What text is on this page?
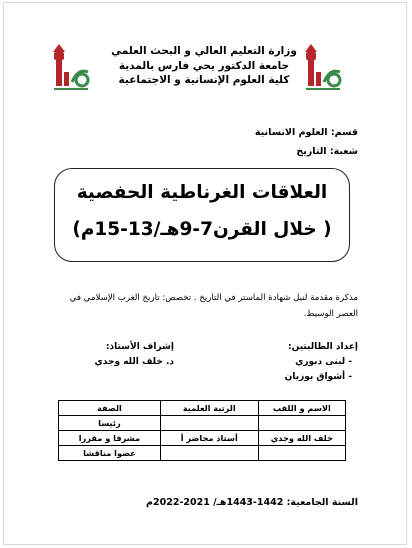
وزارة التعليم العالي و البحث العلمي
جامعة الدكتور يحي فارس بالمدية
كلية العلوم الإنسانية و الاجتماعية
قسم: العلوم الانسانية
شعبة: التاريخ
العلاقات الغرناطية الحفصية
( خلال القرن7-9هـ/13-15م)
مذكرة مقدمة لنيل شهادة الماستر في التاريخ . تخصص: تاريخ الغرب الإسلامي في العصر الوسيط.
إعداد الطالبتين:
- لبنى دبوري
- أشواق بوزيان
إشراف الأستاذ:
د. خلف الله وجدي
الاسم و اللقب	الرتبة العلمية	الصفة
		رئيسا
خلف الله وجدي	أستاذ محاضر أ	مشرفا و مقررا
		عضوا مناقشا
السنة الجامعية: 1442-1443هـ/ 2021-2022م
